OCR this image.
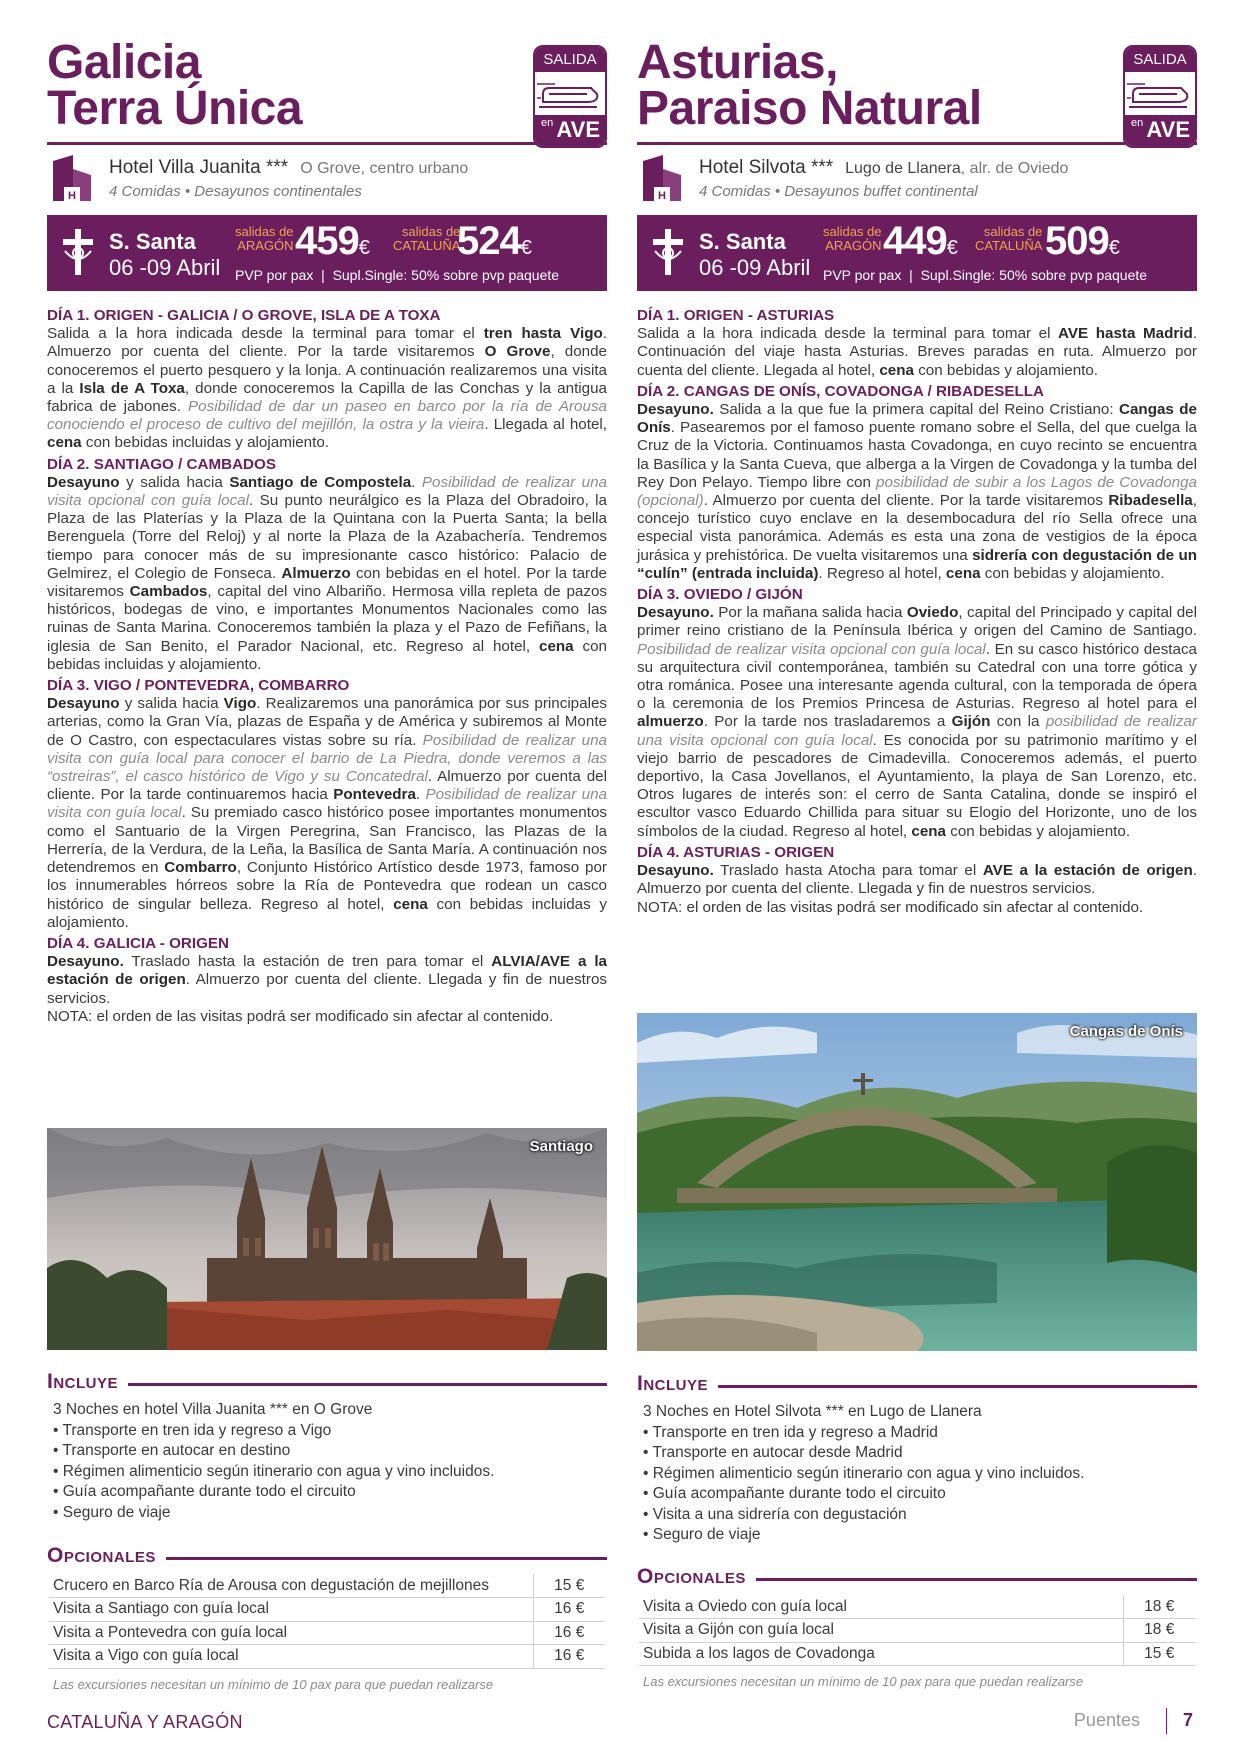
Galicia
Terra Única
SALIDA
en AVE
H
Hotel Villa Juanita *** O Grove, centro urbano
4 Comidas • Desayunos continentales
S. Santa
06 -09 Abril
salidas de
ARAGÓN 459€
salidas de
CATALUÑA
524€
PVP por pax  |  Supl.Single: 50% sobre pvp paquete
DÍA 1. ORIGEN - GALICIA / O GROVE, ISLA DE A TOXA

Salida a la hora indicada desde la terminal para tomar el tren hasta Vigo. Almuerzo por cuenta del cliente. Por la tarde visitaremos O Grove, donde conoceremos el puerto pesquero y la lonja. A continuación realizaremos una visita a la Isla de A Toxa, donde conoceremos la Capilla de las Conchas y la antigua fabrica de jabones. Posibilidad de dar un paseo en barco por la ría de Arousa conociendo el proceso de cultivo del mejillón, la ostra y la vieira. Llegada al hotel, cena con bebidas incluidas y alojamiento.

DÍA 2. SANTIAGO / CAMBADOS

Desayuno y salida hacia Santiago de Compostela. Posibilidad de realizar una visita opcional con guía local. Su punto neurálgico es la Plaza del Obradoiro, la Plaza de las Platerías y la Plaza de la Quintana con la Puerta Santa; la bella Berenguela (Torre del Reloj) y al norte la Plaza de la Azabachería. Tendremos tiempo para conocer más de su impresionante casco histórico: Palacio de Gelmirez, el Colegio de Fonseca. Almuerzo con bebidas en el hotel. Por la tarde visitaremos Cambados, capital del vino Albariño. Hermosa villa repleta de pazos históricos, bodegas de vino, e importantes Monumentos Nacionales como las ruinas de Santa Marina. Conoceremos también la plaza y el Pazo de Fefiñans, la iglesia de San Benito, el Parador Nacional, etc. Regreso al hotel, cena con bebidas incluidas y alojamiento.

DÍA 3. VIGO / PONTEVEDRA, COMBARRO

Desayuno y salida hacia Vigo. Realizaremos una panorámica por sus principales arterias, como la Gran Vía, plazas de España y de América y subiremos al Monte de O Castro, con espectaculares vistas sobre su ría. Posibilidad de realizar una visita con guía local para conocer el barrio de La Piedra, donde veremos a las “ostreiras”, el casco histórico de Vigo y su Concatedral. Almuerzo por cuenta del cliente. Por la tarde continuaremos hacia Pontevedra. Posibilidad de realizar una visita con guía local. Su premiado casco histórico posee importantes monumentos como el Santuario de la Virgen Peregrina, San Francisco, las Plazas de la Herrería, de la Verdura, de la Leña, la Basílica de Santa María. A continuación nos detendremos en Combarro, Conjunto Histórico Artístico desde 1973, famoso por los innumerables hórreos sobre la Ría de Pontevedra que rodean un casco histórico de singular belleza. Regreso al hotel, cena con bebidas incluidas y alojamiento.

DÍA 4. GALICIA - ORIGEN

Desayuno. Traslado hasta la estación de tren para tomar el ALVIA/AVE a la estación de origen. Almuerzo por cuenta del cliente. Llegada y fin de nuestros servicios.

NOTA: el orden de las visitas podrá ser modificado sin afectar al contenido.

Santiago
Incluye
3 Noches en hotel Villa Juanita *** en O Grove
• Transporte en tren ida y regreso a Vigo
• Transporte en autocar en destino
• Régimen alimenticio según itinerario con agua y vino incluidos.
• Guía acompañante durante todo el circuito
• Seguro de viaje
Opcionales
Crucero en Barco Ría de Arousa con degustación de mejillones	15 €
Visita a Santiago con guía local	16 €
Visita a Pontevedra con guía local	16 €
Visita a Vigo con guía local	16 €
Las excursiones necesitan un mínimo de 10 pax para que puedan realizarse
Asturias,
Paraiso Natural
SALIDA
en AVE
H
Hotel Silvota *** Lugo de Llanera, alr. de Oviedo
4 Comidas • Desayunos buffet continental
S. Santa
06 -09 Abril
salidas de
ARAGÓN 449€
salidas de
CATALUÑA 509€
PVP por pax  |  Supl.Single: 50% sobre pvp paquete
DÍA 1. ORIGEN - ASTURIAS

Salida a la hora indicada desde la terminal para tomar el AVE hasta Madrid. Continuación del viaje hasta Asturias. Breves paradas en ruta. Almuerzo por cuenta del cliente. Llegada al hotel, cena con bebidas y alojamiento.

DÍA 2. CANGAS DE ONÍS, COVADONGA / RIBADESELLA

Desayuno. Salida a la que fue la primera capital del Reino Cristiano: Cangas de Onís. Pasearemos por el famoso puente romano sobre el Sella, del que cuelga la Cruz de la Victoria. Continuamos hasta Covadonga, en cuyo recinto se encuentra la Basílica y la Santa Cueva, que alberga a la Virgen de Covadonga y la tumba del Rey Don Pelayo. Tiempo libre con posibilidad de subir a los Lagos de Covadonga (opcional). Almuerzo por cuenta del cliente. Por la tarde visitaremos Ribadesella, concejo turístico cuyo enclave en la desembocadura del río Sella ofrece una especial vista panorámica. Además es esta una zona de vestigios de la época jurásica y prehistórica. De vuelta visitaremos una sidrería con degustación de un “culín” (entrada incluida). Regreso al hotel, cena con bebidas y alojamiento.

DÍA 3. OVIEDO / GIJÓN

Desayuno. Por la mañana salida hacia Oviedo, capital del Principado y capital del primer reino cristiano de la Península Ibérica y origen del Camino de Santiago. Posibilidad de realizar visita opcional con guía local. En su casco histórico destaca su arquitectura civil contemporánea, también su Catedral con una torre gótica y otra románica. Posee una interesante agenda cultural, con la temporada de ópera o la ceremonia de los Premios Princesa de Asturias. Regreso al hotel para el almuerzo. Por la tarde nos trasladaremos a Gijón con la posibilidad de realizar una visita opcional con guía local. Es conocida por su patrimonio marítimo y el viejo barrio de pescadores de Cimadevilla. Conoceremos además, el puerto deportivo, la Casa Jovellanos, el Ayuntamiento, la playa de San Lorenzo, etc. Otros lugares de interés son: el cerro de Santa Catalina, donde se inspiró el escultor vasco Eduardo Chillida para situar su Elogio del Horizonte, uno de los símbolos de la ciudad. Regreso al hotel, cena con bebidas y alojamiento.

DÍA 4. ASTURIAS - ORIGEN

Desayuno. Traslado hasta Atocha para tomar el AVE a la estación de origen. Almuerzo por cuenta del cliente. Llegada y fin de nuestros servicios.

NOTA: el orden de las visitas podrá ser modificado sin afectar al contenido.

Cangas de Onís
Incluye
3 Noches en Hotel Silvota *** en Lugo de Llanera
• Transporte en tren ida y regreso a Madrid
• Transporte en autocar desde Madrid
• Régimen alimenticio según itinerario con agua y vino incluidos.
• Guía acompañante durante todo el circuito
• Visita a una sidrería con degustación
• Seguro de viaje
Opcionales
Visita a Oviedo con guía local	18 €
Visita a Gijón con guía local	18 €
Subida a los lagos de Covadonga	15 €
Las excursiones necesitan un mínimo de 10 pax para que puedan realizarse
CATALUÑA Y ARAGÓN	Puentes 7
